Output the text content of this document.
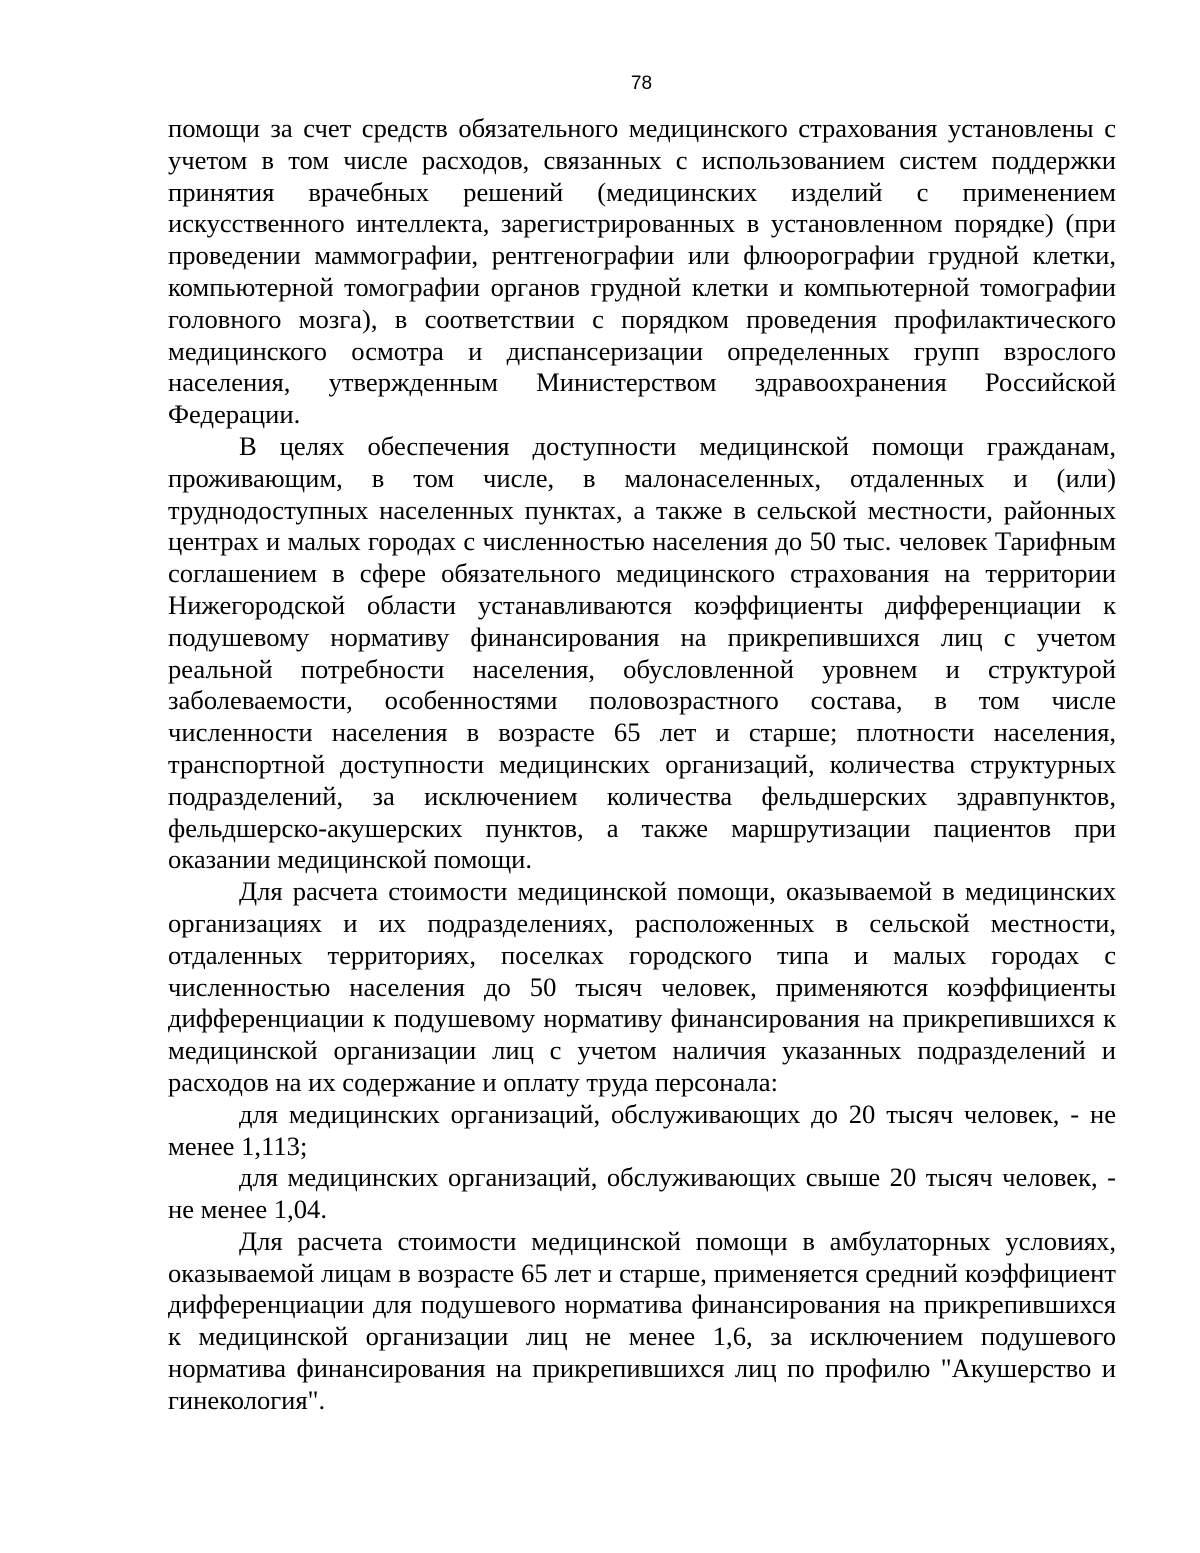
78

помощи за счет средств обязательного медицинского страхования установлены с учетом в том числе расходов, связанных с использованием систем поддержки принятия врачебных решений (медицинских изделий с применением искусственного интеллекта, зарегистрированных в установленном порядке) (при проведении маммографии, рентгенографии или флюорографии грудной клетки, компьютерной томографии органов грудной клетки и компьютерной томографии головного мозга), в соответствии с порядком проведения профилактического медицинского осмотра и диспансеризации определенных групп взрослого населения, утвержденным Министерством здравоохранения Российской Федерации.

В целях обеспечения доступности медицинской помощи гражданам, проживающим, в том числе, в малонаселенных, отдаленных и (или) труднодоступных населенных пунктах, а также в сельской местности, районных центрах и малых городах с численностью населения до 50 тыс. человек Тарифным соглашением в сфере обязательного медицинского страхования на территории Нижегородской области устанавливаются коэффициенты дифференциации к подушевому нормативу финансирования на прикрепившихся лиц с учетом реальной потребности населения, обусловленной уровнем и структурой заболеваемости, особенностями половозрастного состава, в том числе численности населения в возрасте 65 лет и старше; плотности населения, транспортной доступности медицинских организаций, количества структурных подразделений, за исключением количества фельдшерских здравпунктов, фельдшерско-акушерских пунктов, а также маршрутизации пациентов при оказании медицинской помощи.

Для расчета стоимости медицинской помощи, оказываемой в медицинских организациях и их подразделениях, расположенных в сельской местности, отдаленных территориях, поселках городского типа и малых городах с численностью населения до 50 тысяч человек, применяются коэффициенты дифференциации к подушевому нормативу финансирования на прикрепившихся к медицинской организации лиц с учетом наличия указанных подразделений и расходов на их содержание и оплату труда персонала:

для медицинских организаций, обслуживающих до 20 тысяч человек, - не менее 1,113;

для медицинских организаций, обслуживающих свыше 20 тысяч человек, - не менее 1,04.

Для расчета стоимости медицинской помощи в амбулаторных условиях, оказываемой лицам в возрасте 65 лет и старше, применяется средний коэффициент дифференциации для подушевого норматива финансирования на прикрепившихся к медицинской организации лиц не менее 1,6, за исключением подушевого норматива финансирования на прикрепившихся лиц по профилю "Акушерство и гинекология".
